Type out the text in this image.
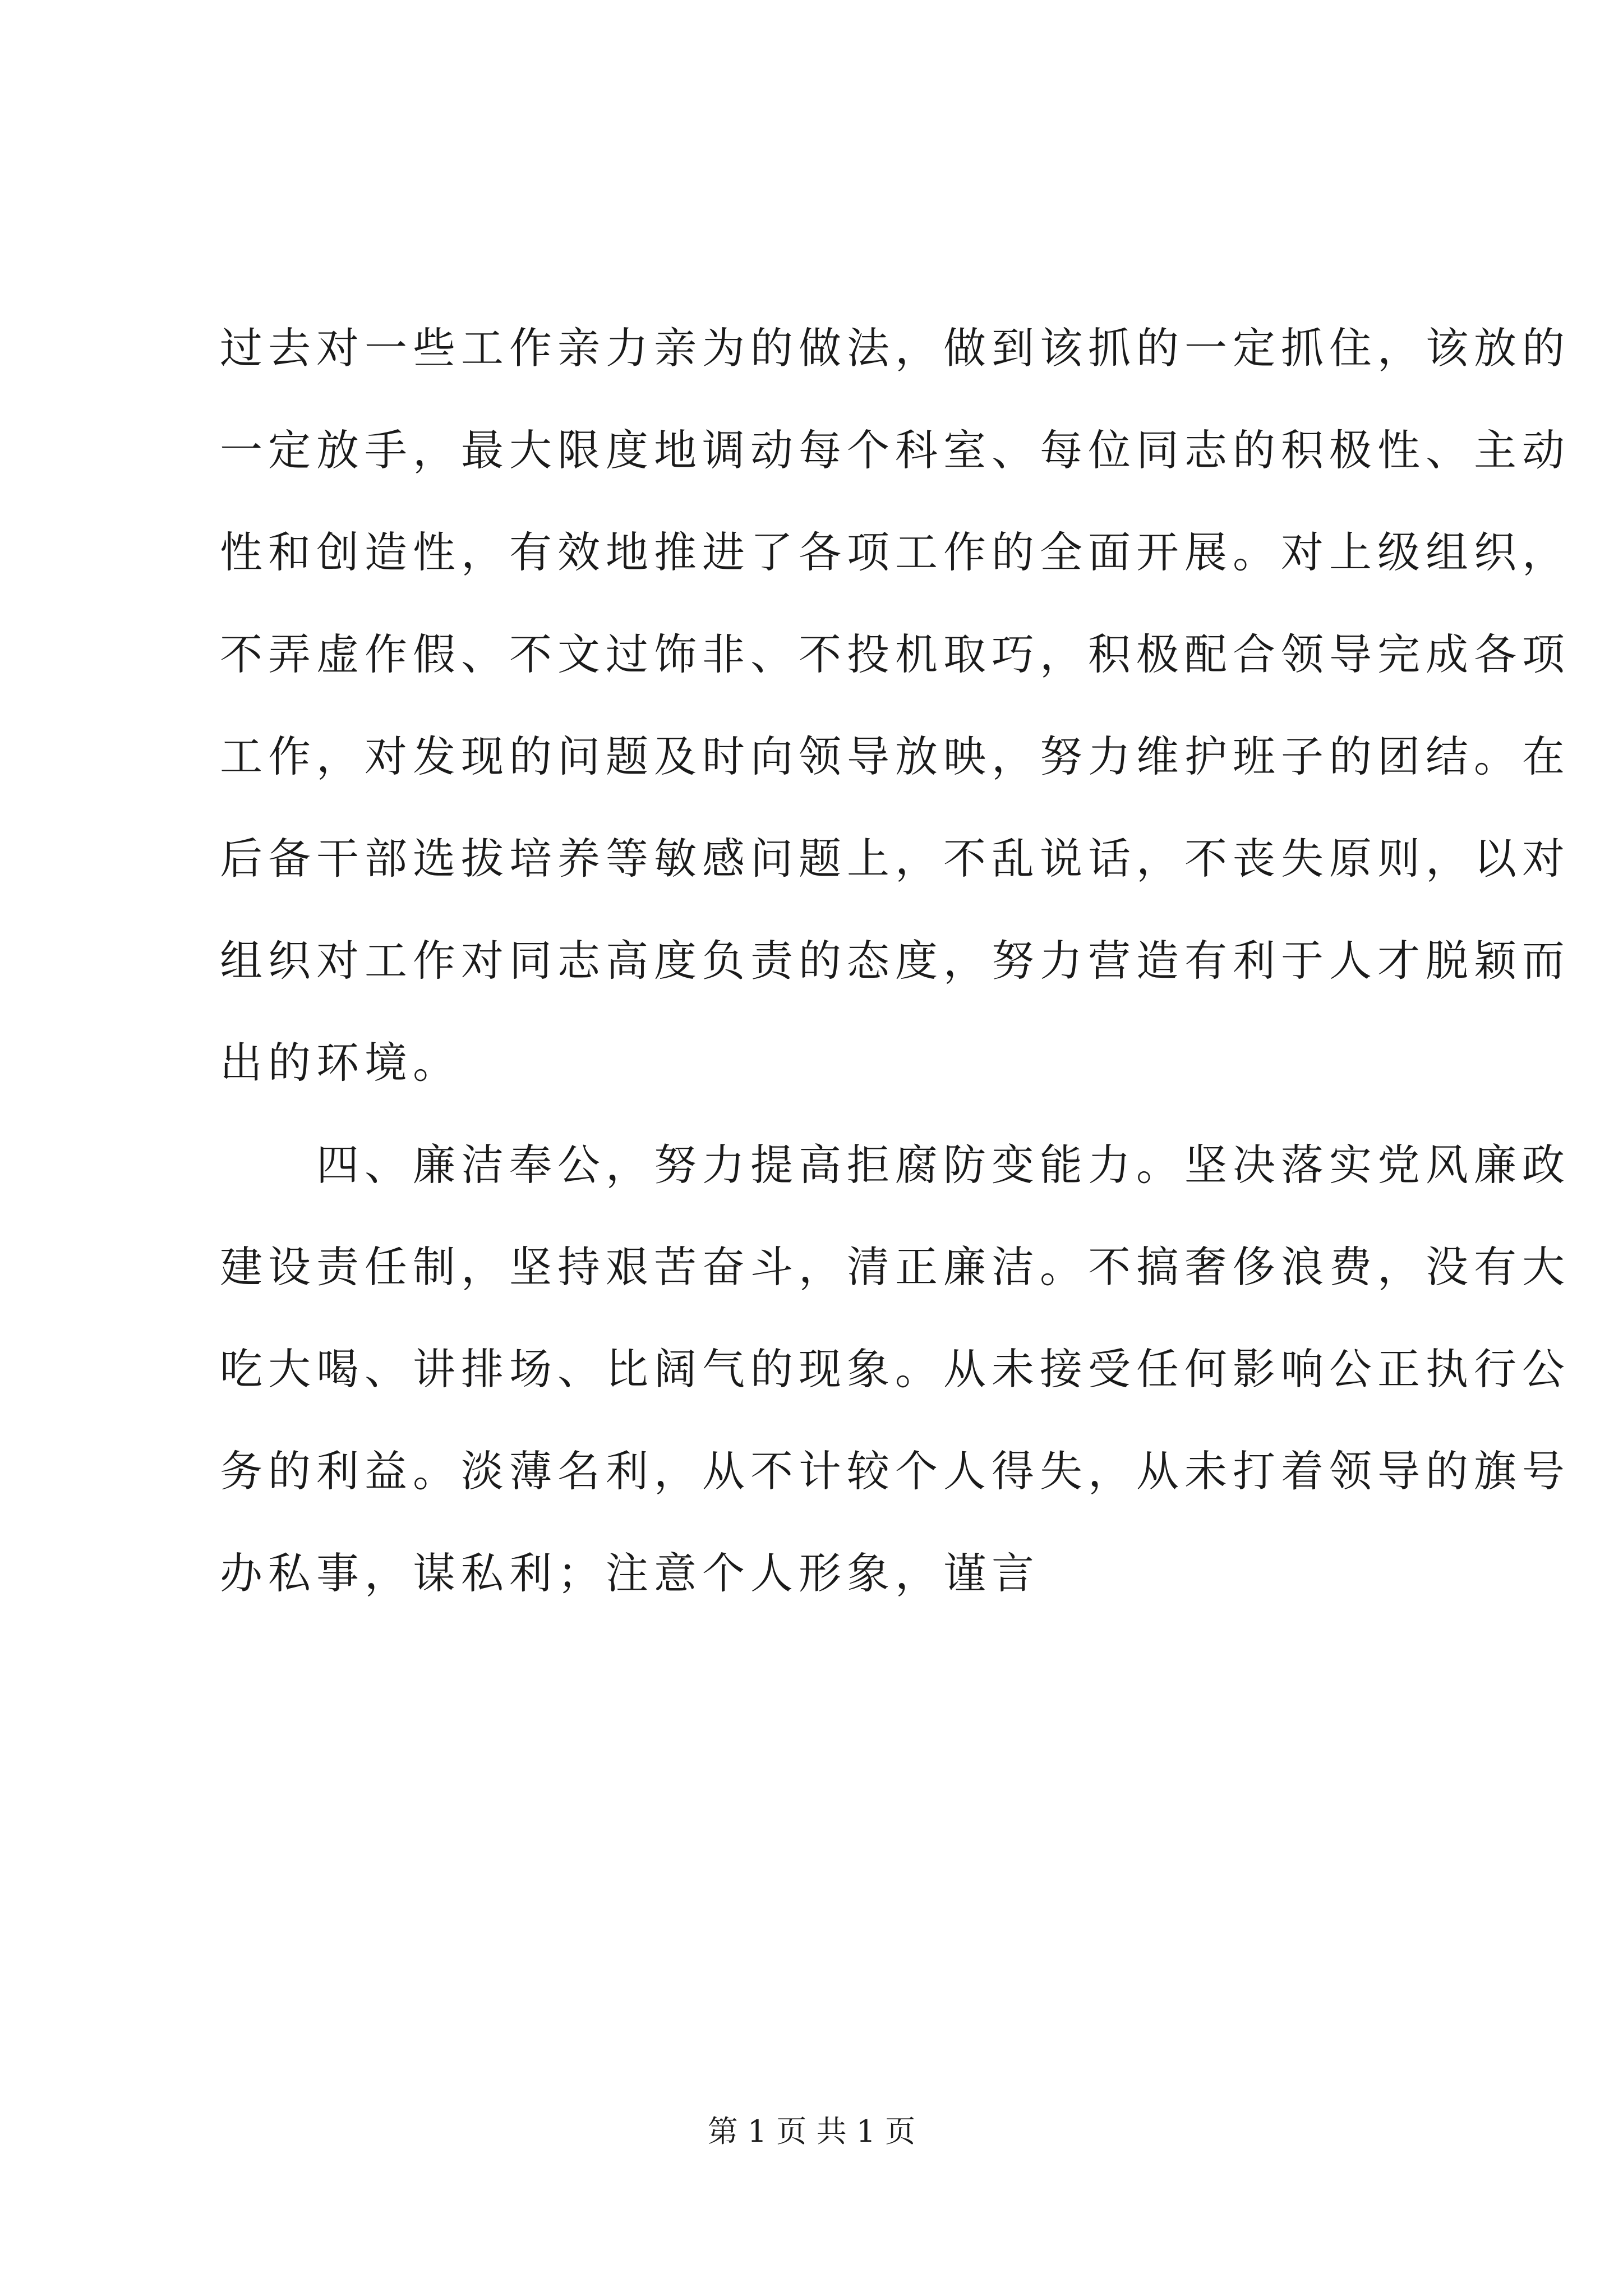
过去对一些工作亲力亲为的做法，做到该抓的一定抓住，该放的
一定放手，最大限度地调动每个科室、每位同志的积极性、主动
性和创造性，有效地推进了各项工作的全面开展。对上级组织，
不弄虚作假、不文过饰非、不投机取巧，积极配合领导完成各项
工作，对发现的问题及时向领导放映，努力维护班子的团结。在
后备干部选拔培养等敏感问题上，不乱说话，不丧失原则，以对
组织对工作对同志高度负责的态度，努力营造有利于人才脱颖而
出的环境。
四、廉洁奉公，努力提高拒腐防变能力。坚决落实党风廉政
建设责任制，坚持艰苦奋斗，清正廉洁。不搞奢侈浪费，没有大
吃大喝、讲排场、比阔气的现象。从未接受任何影响公正执行公
务的利益。淡薄名利，从不计较个人得失，从未打着领导的旗号
办私事，谋私利；注意个人形象，谨言
第 1 页 共 1 页
